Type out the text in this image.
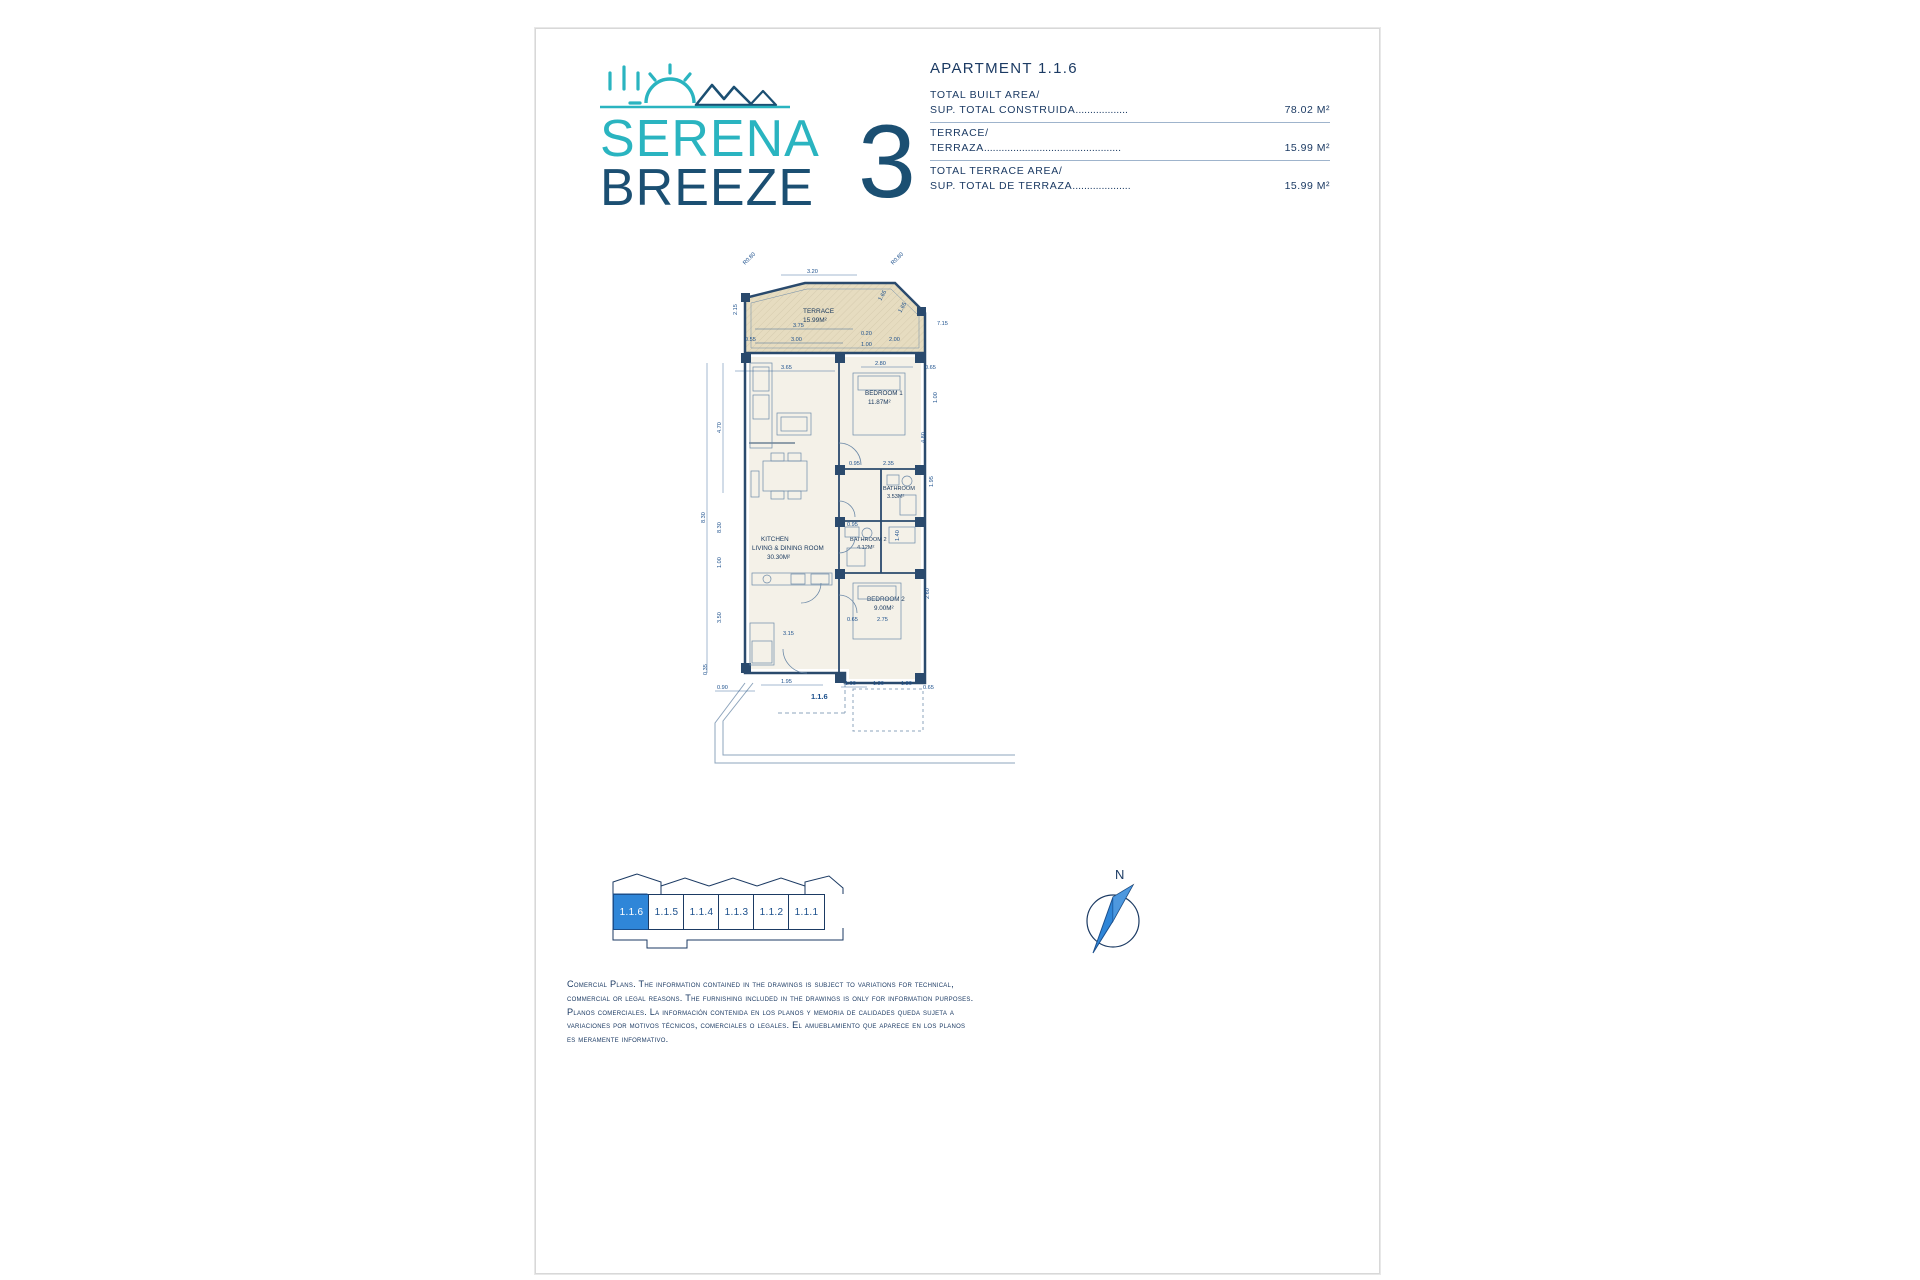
SERENA
BREEZE 3
APARTMENT 1.1.6
TOTAL BUILT AREA/
SUP. TOTAL CONSTRUIDA..................	78.02 M²
TERRACE/
TERRAZA...............................................	15.99 M²
TOTAL TERRACE AREA/
SUP. TOTAL DE TERRAZA....................	15.99 M²
TERRACE
15.99M²
BEDROOM 1
11.87M²
BATHROOM
3.53M²
BATHROOM 2
4.12M²
BEDROOM 2
9.00M²
KITCHEN
LIVING & DINING ROOM
30.30M²
3.20
3.75
3.00
0.55
2.15
0.20
1.00
2.00
R0.80	R0.80
1.65
1.65
7.15
3.65
4.70
8.30
8.30
1.00
3.50
3.15
0.35
0.90
1.95
2.80
0.65
1.00
4.80
0.95	2.35
1.95
0.95
1.40
2.60
0.65	2.75
1.00	1.30	1.80
0.65
1.1.6
1.1.6	1.1.5	1.1.4	1.1.3	1.1.2	1.1.1
N
Comercial Plans. The information contained in the drawings is subject to variations for technical,
commercial or legal reasons. The furnishing included in the drawings is only for information purposes.
Planos comerciales. La información contenida en los planos y memoria de calidades queda sujeta a
variaciones por motivos técnicos, comerciales o legales. El amueblamiento que aparece en los planos
es meramente informativo.
